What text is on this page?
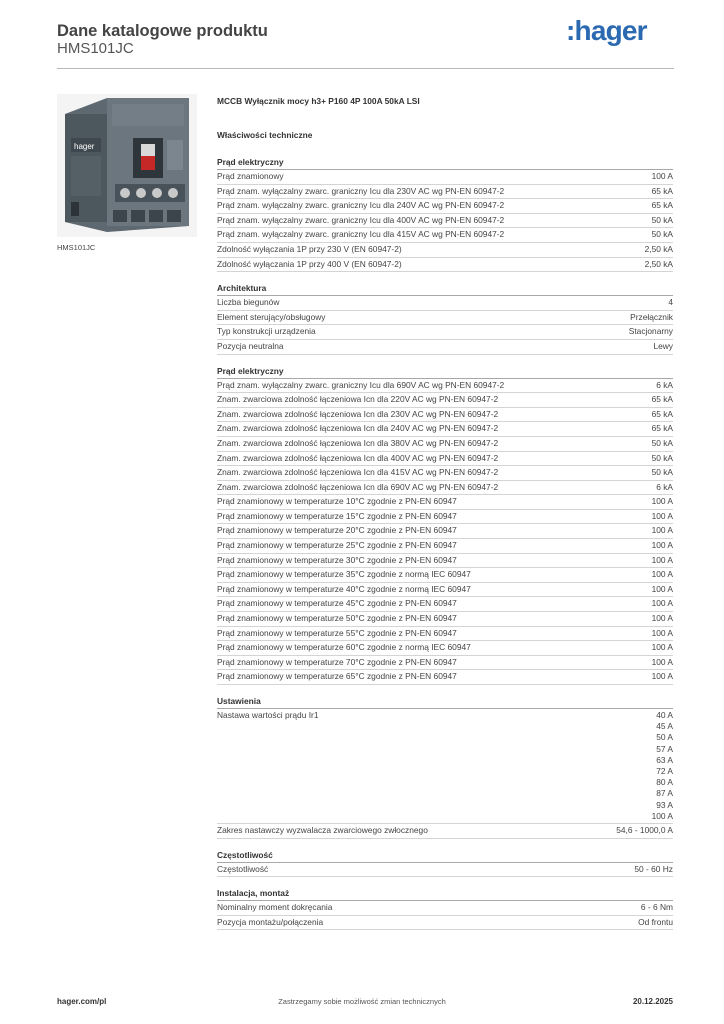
Dane katalogowe produktu
HMS101JC
:hager
hager
HMS101JC
MCCB Wyłącznik mocy h3+ P160 4P 100A 50kA LSI
Właściwości techniczne
Prąd elektryczny
Prąd znamionowy	100 A
Prąd znam. wyłączalny zwarc. graniczny Icu dla 230V AC wg PN-EN 60947-2	65 kA
Prąd znam. wyłączalny zwarc. graniczny Icu dla 240V AC wg PN-EN 60947-2	65 kA
Prąd znam. wyłączalny zwarc. graniczny Icu dla 400V AC wg PN-EN 60947-2	50 kA
Prąd znam. wyłączalny zwarc. graniczny Icu dla 415V AC wg PN-EN 60947-2	50 kA
Zdolność wyłączania 1P przy 230 V (EN 60947-2)	2,50 kA
Zdolność wyłączania 1P przy 400 V (EN 60947-2)	2,50 kA
Architektura
Liczba biegunów	4
Element sterujący/obsługowy	Przełącznik
Typ konstrukcji urządzenia	Stacjonarny
Pozycja neutralna	Lewy
Prąd elektryczny
Prąd znam. wyłączalny zwarc. graniczny Icu dla 690V AC wg PN-EN 60947-2	6 kA
Znam. zwarciowa zdolność łączeniowa Icn dla 220V AC wg PN-EN 60947-2	65 kA
Znam. zwarciowa zdolność łączeniowa Icn dla 230V AC wg PN-EN 60947-2	65 kA
Znam. zwarciowa zdolność łączeniowa Icn dla 240V AC wg PN-EN 60947-2	65 kA
Znam. zwarciowa zdolność łączeniowa Icn dla 380V AC wg PN-EN 60947-2	50 kA
Znam. zwarciowa zdolność łączeniowa Icn dla 400V AC wg PN-EN 60947-2	50 kA
Znam. zwarciowa zdolność łączeniowa Icn dla 415V AC wg PN-EN 60947-2	50 kA
Znam. zwarciowa zdolność łączeniowa Icn dla 690V AC wg PN-EN 60947-2	6 kA
Prąd znamionowy w temperaturze 10°C zgodnie z PN-EN 60947	100 A
Prąd znamionowy w temperaturze 15°C zgodnie z PN-EN 60947	100 A
Prąd znamionowy w temperaturze 20°C zgodnie z PN-EN 60947	100 A
Prąd znamionowy w temperaturze 25°C zgodnie z PN-EN 60947	100 A
Prąd znamionowy w temperaturze 30°C zgodnie z PN-EN 60947	100 A
Prąd znamionowy w temperaturze 35°C zgodnie z normą IEC 60947	100 A
Prąd znamionowy w temperaturze 40°C zgodnie z normą IEC 60947	100 A
Prąd znamionowy w temperaturze 45°C zgodnie z PN-EN 60947	100 A
Prąd znamionowy w temperaturze 50°C zgodnie z PN-EN 60947	100 A
Prąd znamionowy w temperaturze 55°C zgodnie z PN-EN 60947	100 A
Prąd znamionowy w temperaturze 60°C zgodnie z normą IEC 60947	100 A
Prąd znamionowy w temperaturze 70°C zgodnie z PN-EN 60947	100 A
Prąd znamionowy w temperaturze 65°C zgodnie z PN-EN 60947	100 A
Ustawienia
Nastawa wartości prądu Ir1	40 A
45 A
50 A
57 A
63 A
72 A
80 A
87 A
93 A
100 A
Zakres nastawczy wyzwalacza zwarciowego zwłocznego	54,6 - 1000,0 A
Częstotliwość
Częstotliwość	50 - 60 Hz
Instalacja, montaż
Nominalny moment dokręcania	6 - 6 Nm
Pozycja montażu/połączenia	Od frontu
hager.com/pl	Zastrzegamy sobie możliwość zmian technicznych	20.12.2025
